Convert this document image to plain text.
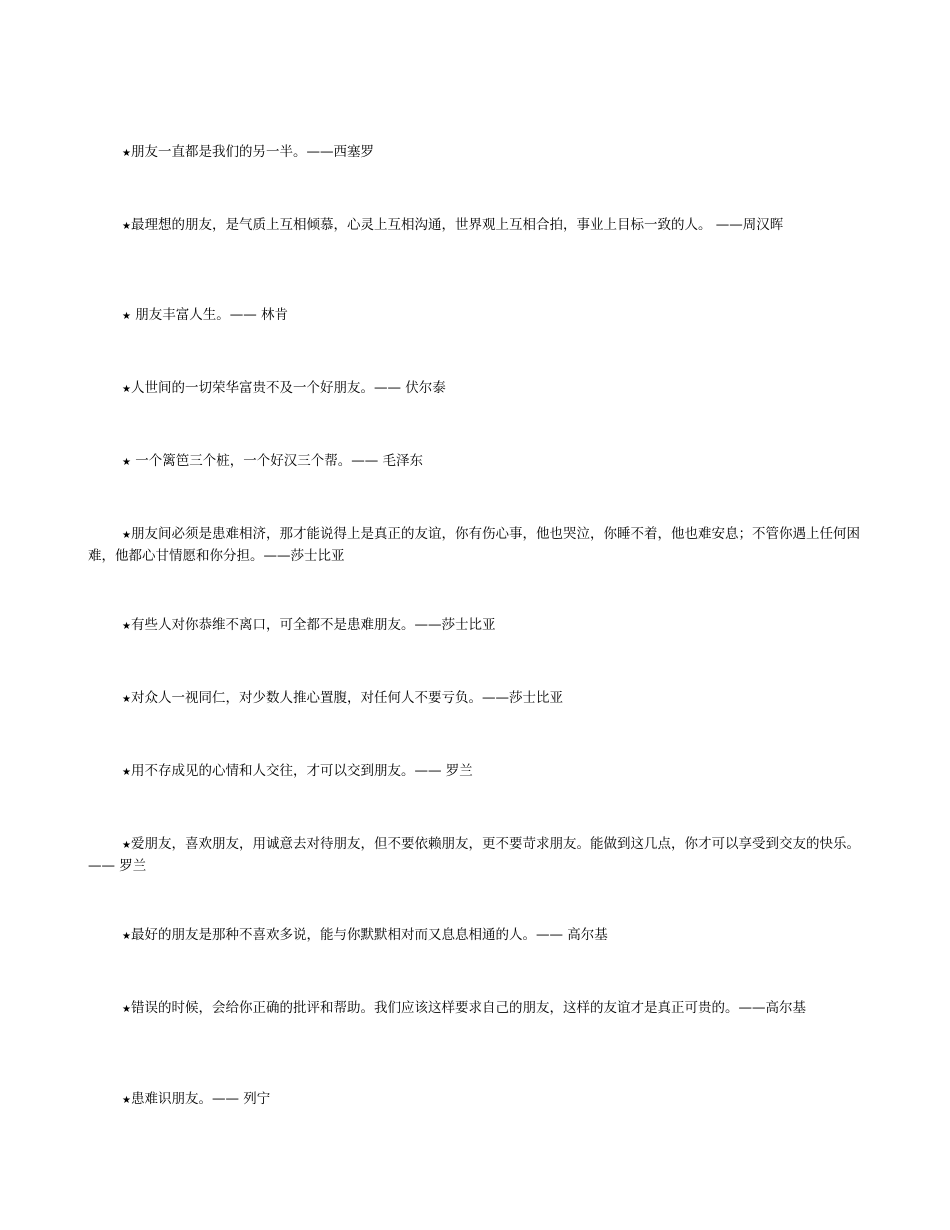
★朋友一直都是我们的另一半。——西塞罗

★最理想的朋友，是气质上互相倾慕，心灵上互相沟通，世界观上互相合拍，事业上目标一致的人。 ——周汉晖

★ 朋友丰富人生。—— 林肯

★人世间的一切荣华富贵不及一个好朋友。—— 伏尔泰

★ 一个篱笆三个桩，一个好汉三个帮。—— 毛泽东

★朋友间必须是患难相济，那才能说得上是真正的友谊，你有伤心事，他也哭泣，你睡不着，他也难安息；不管你遇上任何困难，他都心甘情愿和你分担。——莎士比亚

★有些人对你恭维不离口，可全都不是患难朋友。——莎士比亚

★对众人一视同仁，对少数人推心置腹，对任何人不要亏负。——莎士比亚

★用不存成见的心情和人交往，才可以交到朋友。—— 罗兰

★爱朋友，喜欢朋友，用诚意去对待朋友，但不要依赖朋友，更不要苛求朋友。能做到这几点，你才可以享受到交友的快乐。—— 罗兰

★最好的朋友是那种不喜欢多说，能与你默默相对而又息息相通的人。—— 高尔基

★错误的时候，会给你正确的批评和帮助。我们应该这样要求自己的朋友，这样的友谊才是真正可贵的。——高尔基

★患难识朋友。—— 列宁
